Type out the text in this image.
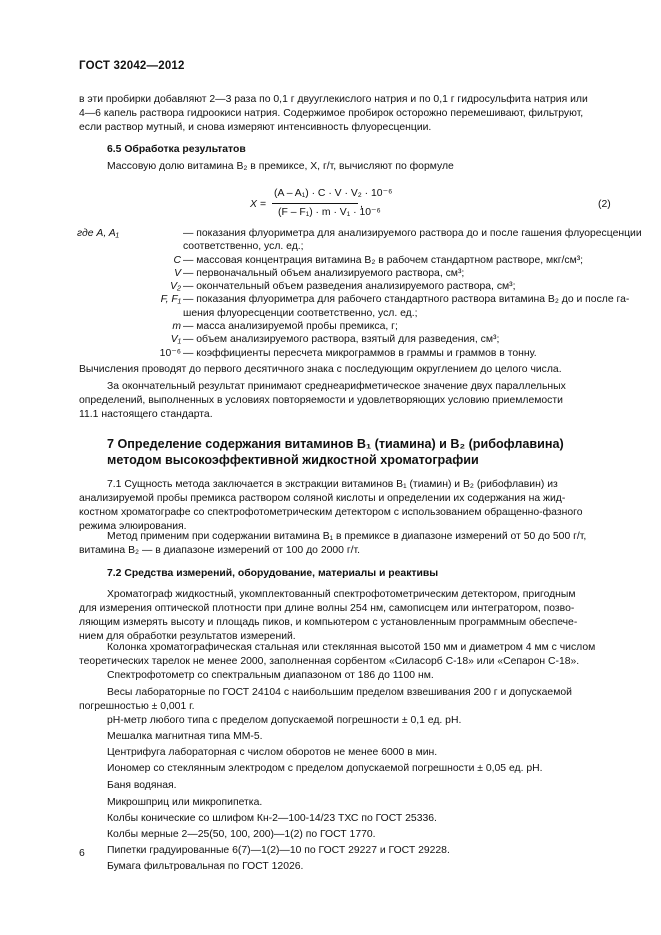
ГОСТ 32042—2012
в эти пробирки добавляют 2—3 раза по 0,1 г двууглекислого натрия и по 0,1 г гидросульфита натрия или
4—6 капель раствора гидроокиси натрия. Содержимое пробирок осторожно перемешивают, фильтруют,
если раствор мутный, и снова измеряют интенсивность флуоресценции.
6.5 Обработка результатов
Массовую долю витамина B₂ в премиксе, X, г/т, вычисляют по формуле
X =
(A – A₁) · C · V · V₂ · 10⁻⁶
(F – F₁) · m · V₁ · 10⁻⁶
,	(2)
где A, A₁	— показания флуориметра для анализируемого раствора до и после гашения флуоресценции
соответственно, усл. ед.;
C — массовая концентрация витамина B₂ в рабочем стандартном растворе, мкг/см³;
V — первоначальный объем анализируемого раствора, см³;
V₂ — окончательный объем разведения анализируемого раствора, см³;
F, F₁ — показания флуориметра для рабочего стандартного раствора витамина B₂ до и после га-
шения флуоресценции соответственно, усл. ед.;
m — масса анализируемой пробы премикса, г;
V₁ — объем анализируемого раствора, взятый для разведения, см³;
10⁻⁶ — коэффициенты пересчета микрограммов в граммы и граммов в тонну.
Вычисления проводят до первого десятичного знака с последующим округлением до целого числа.
За окончательный результат принимают среднеарифметическое значение двух параллельных
определений, выполненных в условиях повторяемости и удовлетворяющих условию приемлемости
11.1 настоящего стандарта.
7 Определение содержания витаминов B₁ (тиамина) и B₂ (рибофлавина)
методом высокоэффективной жидкостной хроматографии
7.1 Сущность метода заключается в экстракции витаминов B₁ (тиамин) и B₂ (рибофлавин) из
анализируемой пробы премикса раствором соляной кислоты и определении их содержания на жид-
костном хроматографе со спектрофотометрическим детектором с использованием обращенно-фазного
режима элюирования.
Метод применим при содержании витамина B₁ в премиксе в диапазоне измерений от 50 до 500 г/т,
витамина B₂ — в диапазоне измерений от 100 до 2000 г/т.
7.2 Средства измерений, оборудование, материалы и реактивы
Хроматограф жидкостный, укомплектованный спектрофотометрическим детектором, пригодным
для измерения оптической плотности при длине волны 254 нм, самописцем или интегратором, позво-
ляющим измерять высоту и площадь пиков, и компьютером с установленным программным обеспече-
нием для обработки результатов измерений.
Колонка хроматографическая стальная или стеклянная высотой 150 мм и диаметром 4 мм с числом
теоретических тарелок не менее 2000, заполненная сорбентом «Силасорб С-18» или «Сепарон С-18».
Спектрофотометр со спектральным диапазоном от 186 до 1100 нм.
Весы лабораторные по ГОСТ 24104 с наибольшим пределом взвешивания 200 г и допускаемой
погрешностью ± 0,001 г.
pH-метр любого типа с пределом допускаемой погрешности ± 0,1 ед. pH.
Мешалка магнитная типа ММ-5.
Центрифуга лабораторная с числом оборотов не менее 6000 в мин.
Иономер со стеклянным электродом с пределом допускаемой погрешности ± 0,05 ед. pH.
Баня водяная.
Микрошприц или микропипетка.
Колбы конические со шлифом Кн-2—100-14/23 ТХС по ГОСТ 25336.
Колбы мерные 2—25(50, 100, 200)—1(2) по ГОСТ 1770.
Пипетки градуированные 6(7)—1(2)—10 по ГОСТ 29227 и ГОСТ 29228.
Бумага фильтровальная по ГОСТ 12026.
6
